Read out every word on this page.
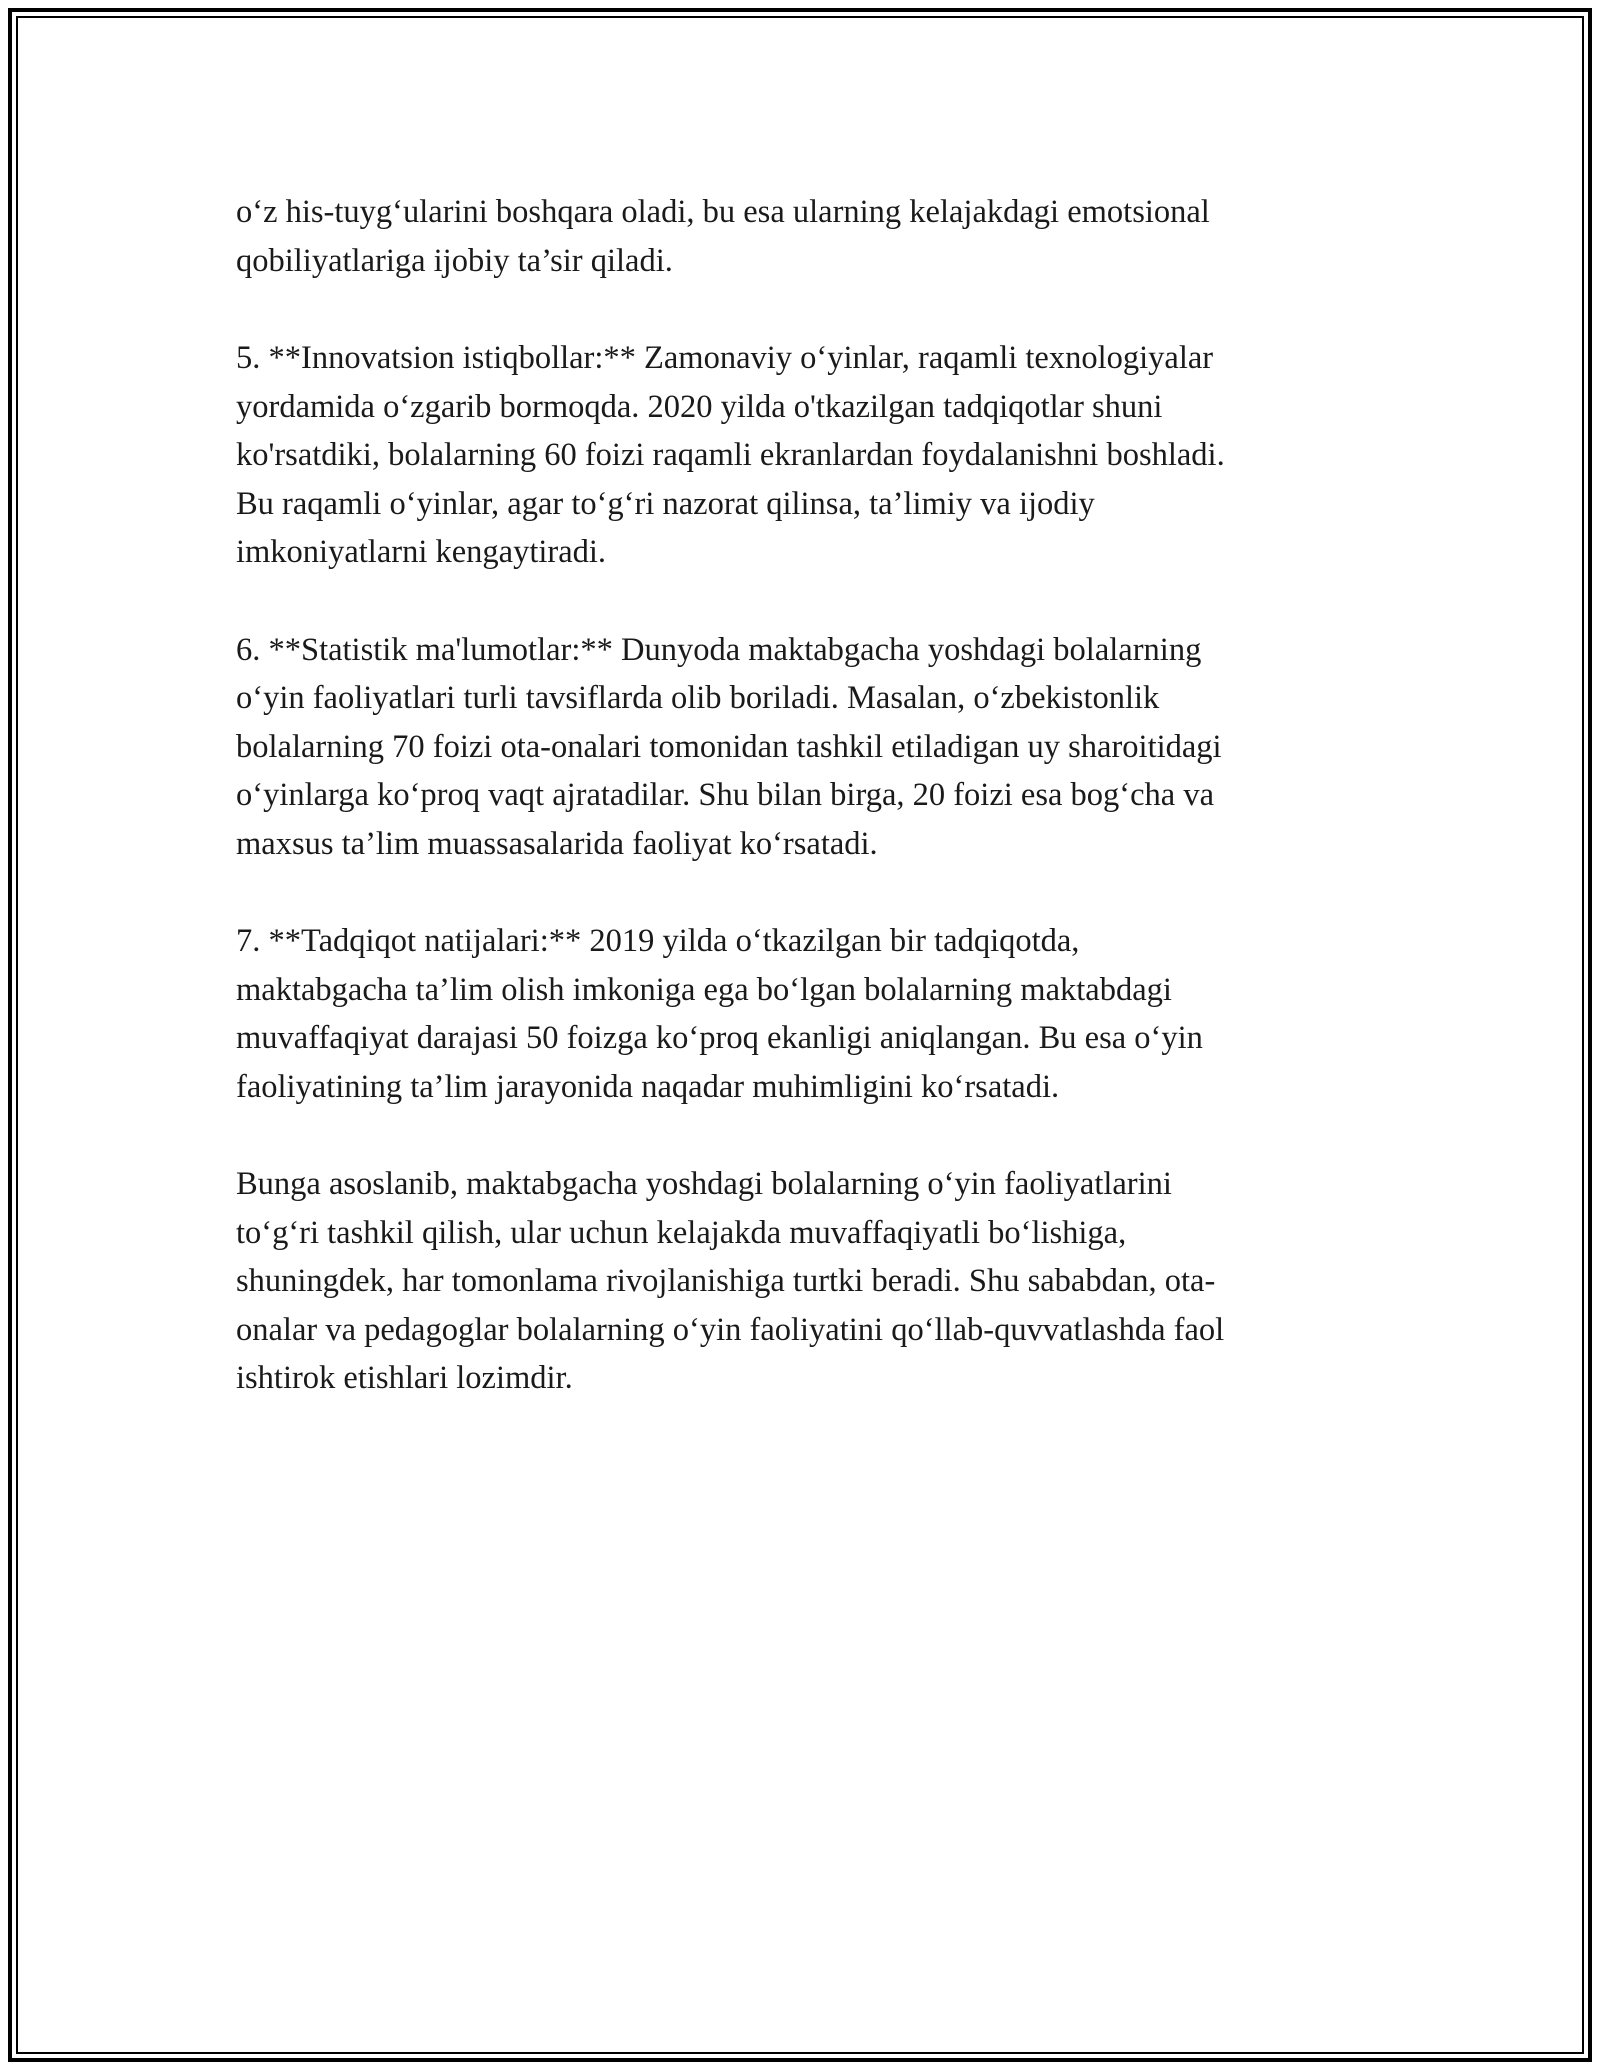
o‘z his-tuyg‘ularini boshqara oladi, bu esa ularning kelajakdagi emotsional
qobiliyatlariga ijobiy ta’sir qiladi.

5. **Innovatsion istiqbollar:** Zamonaviy o‘yinlar, raqamli texnologiyalar
yordamida o‘zgarib bormoqda. 2020 yilda o'tkazilgan tadqiqotlar shuni
ko'rsatdiki, bolalarning 60 foizi raqamli ekranlardan foydalanishni boshladi.
Bu raqamli o‘yinlar, agar to‘g‘ri nazorat qilinsa, ta’limiy va ijodiy
imkoniyatlarni kengaytiradi.

6. **Statistik ma'lumotlar:** Dunyoda maktabgacha yoshdagi bolalarning
o‘yin faoliyatlari turli tavsiflarda olib boriladi. Masalan, o‘zbekistonlik
bolalarning 70 foizi ota-onalari tomonidan tashkil etiladigan uy sharoitidagi
o‘yinlarga ko‘proq vaqt ajratadilar. Shu bilan birga, 20 foizi esa bog‘cha va
maxsus ta’lim muassasalarida faoliyat ko‘rsatadi.

7. **Tadqiqot natijalari:** 2019 yilda o‘tkazilgan bir tadqiqotda,
maktabgacha ta’lim olish imkoniga ega bo‘lgan bolalarning maktabdagi
muvaffaqiyat darajasi 50 foizga ko‘proq ekanligi aniqlangan. Bu esa o‘yin
faoliyatining ta’lim jarayonida naqadar muhimligini ko‘rsatadi.

Bunga asoslanib, maktabgacha yoshdagi bolalarning o‘yin faoliyatlarini
to‘g‘ri tashkil qilish, ular uchun kelajakda muvaffaqiyatli bo‘lishiga,
shuningdek, har tomonlama rivojlanishiga turtki beradi. Shu sababdan, ota-
onalar va pedagoglar bolalarning o‘yin faoliyatini qo‘llab-quvvatlashda faol
ishtirok etishlari lozimdir.
